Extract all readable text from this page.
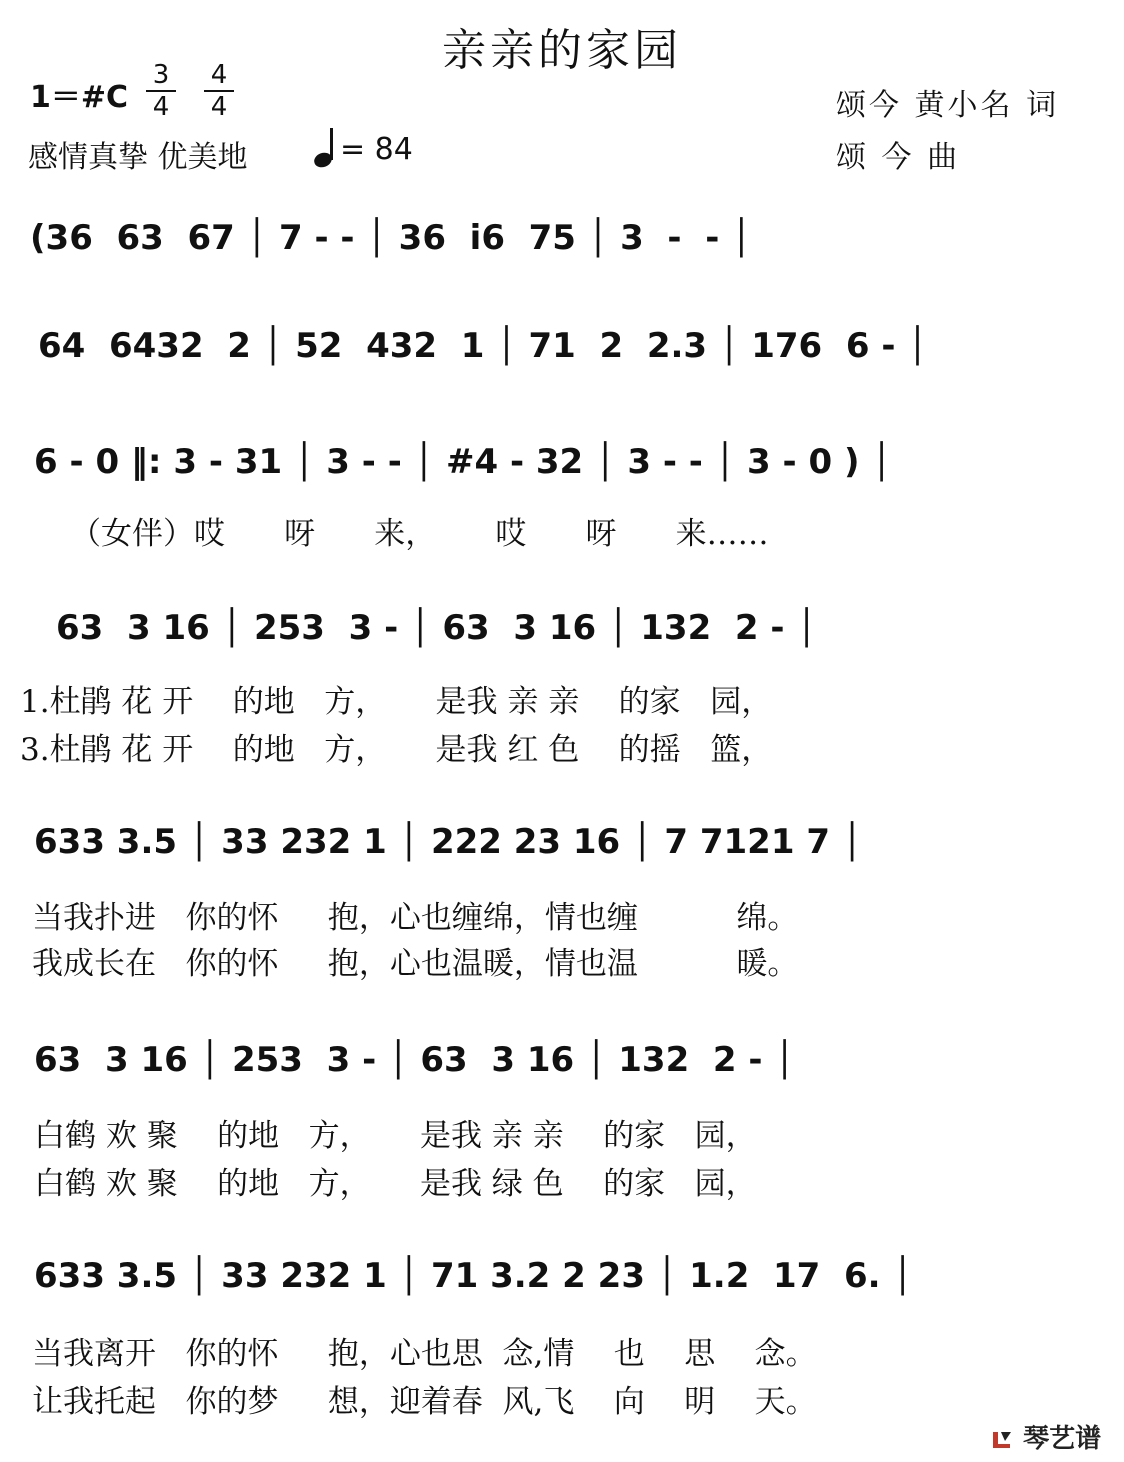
亲亲的家园
1＝#C
3
4
4
4
感情真挚 优美地	= 84
颂今 黄小名 词
颂 今 曲
(36  63  67 │ 7 - - │ 36  i6  75 │ 3  -  - │
64  6432  2 │ 52  432  1 │ 71  2  2.3 │ 176  6 - │
6 - 0 ‖: 3 - 31 │ 3 - - │ #4 - 32 │ 3 - - │ 3 - 0 ) │
（女伴）哎      呀      来，      哎      呀      来……
63  3 16 │ 253  3 - │ 63  3 16 │ 132  2 - │
1.杜鹃 花 开    的地   方，     是我 亲 亲    的家   园，
3.杜鹃 花 开    的地   方，     是我 红 色    的摇   篮，
633 3.5 │ 33 232 1 │ 222 23 16 │ 7 7121 7 │
当我扑进   你的怀     抱，心也缠绵，情也缠          绵。
我成长在   你的怀     抱，心也温暖，情也温          暖。
63  3 16 │ 253  3 - │ 63  3 16 │ 132  2 - │
白鹤 欢 聚    的地   方，     是我 亲 亲    的家   园，
白鹤 欢 聚    的地   方，     是我 绿 色    的家   园，
633 3.5 │ 33 232 1 │ 71 3.2 2 23 │ 1.2  17  6. │
当我离开   你的怀     抱，心也思  念,情    也    思    念。
让我托起   你的梦     想，迎着春  风,飞    向    明    天。
琴艺谱
